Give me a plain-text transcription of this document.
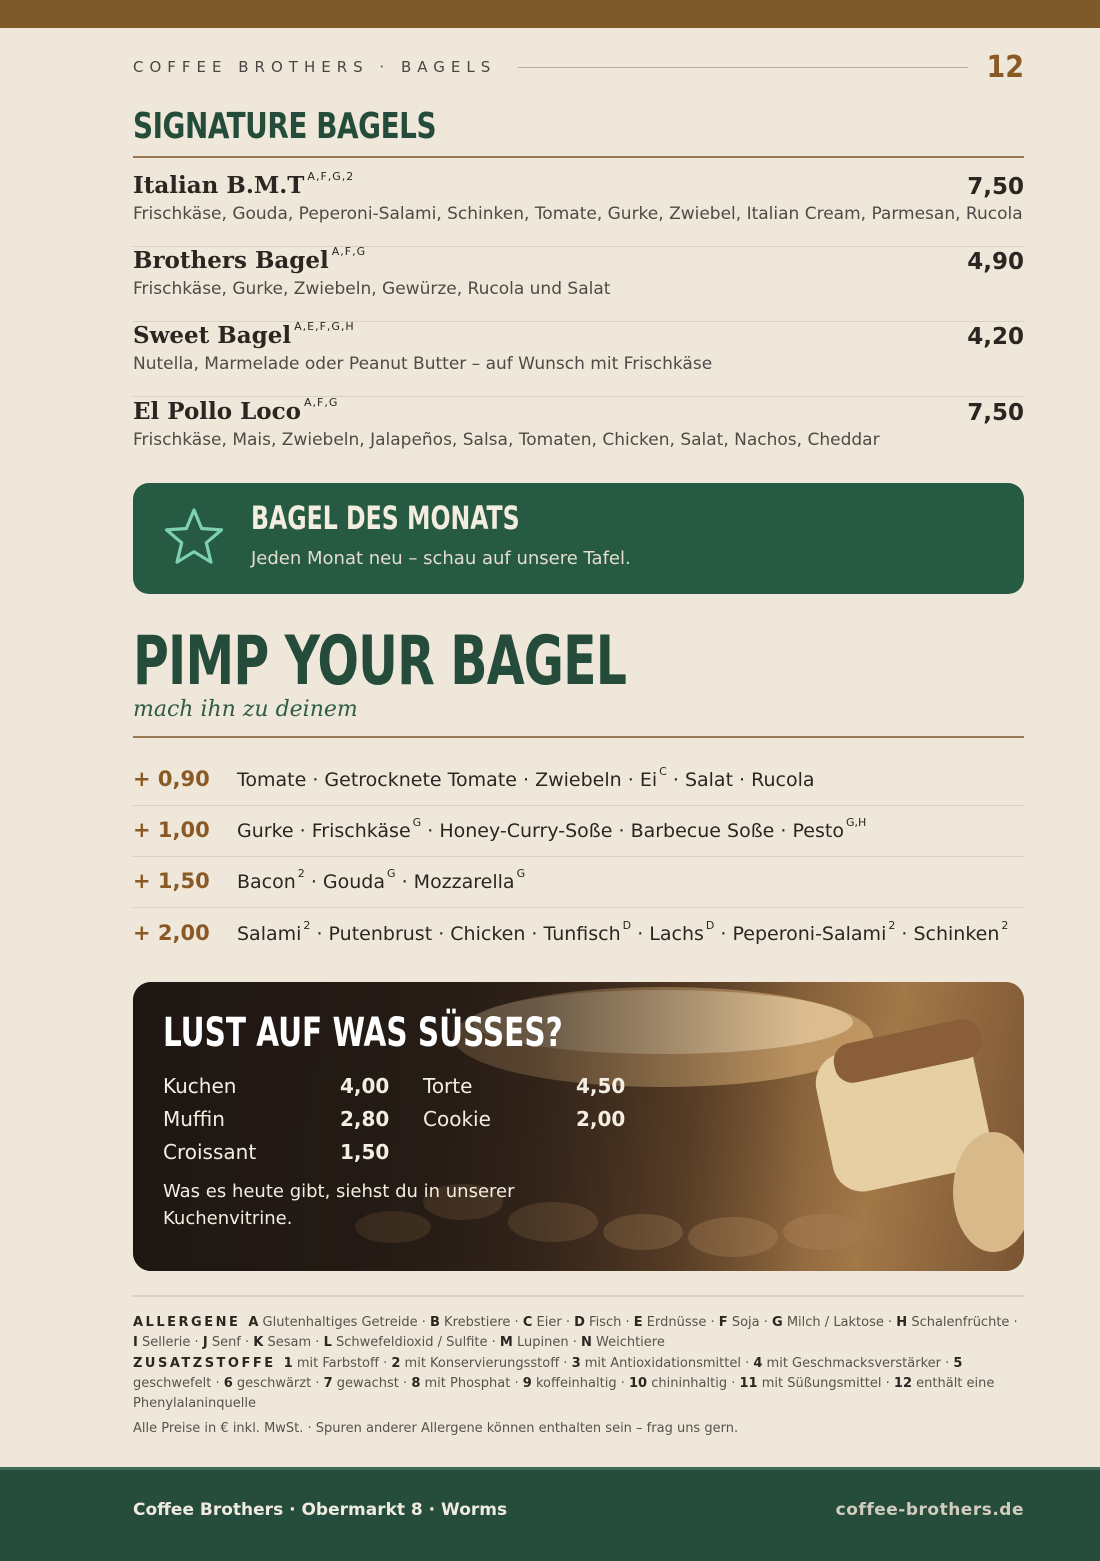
COFFEE BROTHERS · BAGELS	12
SIGNATURE BAGELS
Italian B.M.T $^{A,F,G,2}$	7,50
Frischkäse, Gouda, Peperoni-Salami, Schinken, Tomate, Gurke, Zwiebel, Italian Cream, Parmesan, Rucola
Brothers Bagel $^{A,F,G}$	4,90
Frischkäse, Gurke, Zwiebeln, Gewürze, Rucola und Salat
Sweet Bagel $^{A,E,F,G,H}$	4,20
Nutella, Marmelade oder Peanut Butter – auf Wunsch mit Frischkäse
El Pollo Loco $^{A,F,G}$	7,50
Frischkäse, Mais, Zwiebeln, Jalapeños, Salsa, Tomaten, Chicken, Salat, Nachos, Cheddar
BAGEL DES MONATS
Jeden Monat neu – schau auf unsere Tafel.
PIMP YOUR BAGEL
mach ihn zu deinem
+ 0,90 Tomate · Getrocknete Tomate · Zwiebeln · Ei $^C$ · Salat · Rucola
+ 1,00 Gurke · Frischkäse $^G$ · Honey-Curry-Soße · Barbecue Soße · Pesto $^{G,H}$
+ 1,50 Bacon $^2$ · Gouda $^G$ · Mozzarella $^G$
+ 2,00 Salami $^2$ · Putenbrust · Chicken · Tunfisch $^D$ · Lachs $^D$ · Peperoni-Salami $^2$ · Schinken $^2$
LUST AUF WAS SÜSSES?
Kuchen	4,00 Torte	4,50
Muffin	2,80 Cookie	2,00
Croissant	1,50
Was es heute gibt, siehst du in unserer Kuchenvitrine.
ALLERGENE A Glutenhaltiges Getreide · B Krebstiere · C Eier · D Fisch · E Erdnüsse · F Soja · G Milch / Laktose · H Schalenfrüchte · I Sellerie · J Senf · K Sesam · L Schwefeldioxid / Sulfite · M Lupinen · N Weichtiere
ZUSATZSTOFFE 1 mit Farbstoff · 2 mit Konservierungsstoff · 3 mit Antioxidationsmittel · 4 mit Geschmacksverstärker · 5 geschwefelt · 6 geschwärzt · 7 gewachst · 8 mit Phosphat · 9 koffeinhaltig · 10 chininhaltig · 11 mit Süßungsmittel · 12 enthält eine Phenylalaninquelle
Alle Preise in € inkl. MwSt. · Spuren anderer Allergene können enthalten sein – frag uns gern.
Coffee Brothers · Obermarkt 8 · Worms	coffee-brothers.de
